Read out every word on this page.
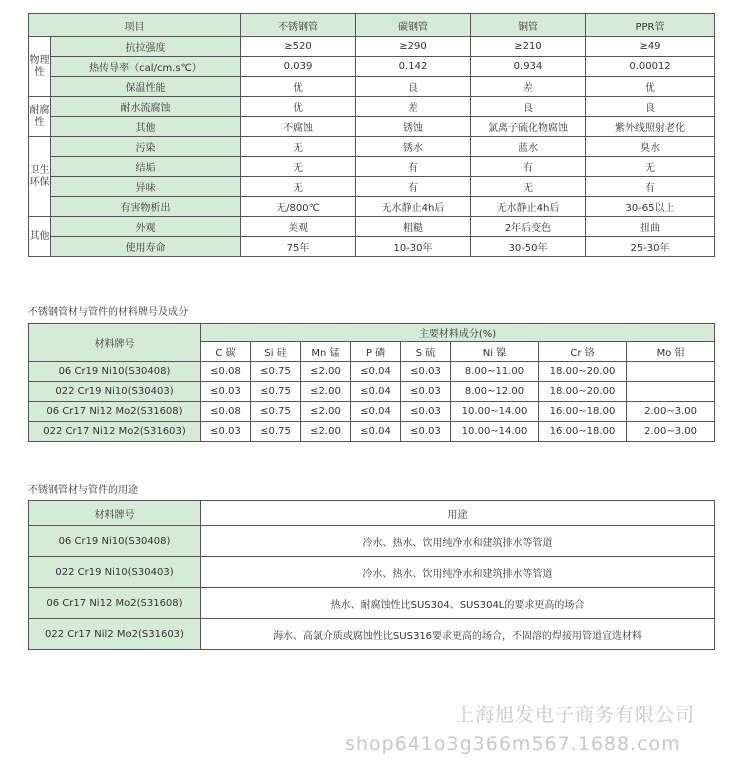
项目		不锈钢管	碳钢管	铜管	PPR管
物理性	抗拉强度	≥520	≥290	≥210	≥49
	热传导率（cal/cm.s℃）	0.039	0.142	0.934	0.00012
	保温性能	优	良	差	优
耐腐性	耐水流腐蚀	优	差	良	良
	其他	不腐蚀	锈蚀	氯离子硫化物腐蚀	紫外线照射老化
卫生环保	污染	无	锈水	蓝水	臭水
	结垢	无	有	有	无
	异味	无	有	无	有
	有害物析出	无/800℃	无水静止4h后	无水静止4h后	30-65以上
其他	外观	美观	粗糙	2年后变色	扭曲
	使用寿命	75年	10-30年	30-50年	25-30年
不锈钢管材与管件的材料牌号及成分
材料牌号	主要材料成分(%)							
	C 碳	Si 硅	Mn 锰	P 磷	S 硫	Ni 镍	Cr 铬	Mo 钼
06 Cr19 Ni10(S30408)	≤0.08	≤0.75	≤2.00	≤0.04	≤0.03	8.00~11.00	18.00~20.00	
022 Cr19 Ni10(S30403)	≤0.03	≤0.75	≤2.00	≤0.04	≤0.03	8.00~12.00	18.00~20.00	
06 Cr17 Ni12 Mo2(S31608)	≤0.08	≤0.75	≤2.00	≤0.04	≤0.03	10.00~14.00	16.00~18.00	2.00~3.00
022 Cr17 Ni12 Mo2(S31603)	≤0.03	≤0.75	≤2.00	≤0.04	≤0.03	10.00~14.00	16.00~18.00	2.00~3.00
不锈钢管材与管件的用途
材料牌号	用途
06 Cr19 Ni10(S30408)	冷水、热水、饮用纯净水和建筑排水等管道
022 Cr19 Ni10(S30403)	冷水、热水、饮用纯净水和建筑排水等管道
06 Cr17 Ni12 Mo2(S31608)	热水、耐腐蚀性比SUS304、SUS304L的要求更高的场合
022 Cr17 Nil2 Mo2(S31603)	海水、高氯介质或腐蚀性比SUS316要求更高的场合，不固溶的焊接用管道宜选材料
上海旭发电子商务有限公司
shop641o3g366m567.1688.com
